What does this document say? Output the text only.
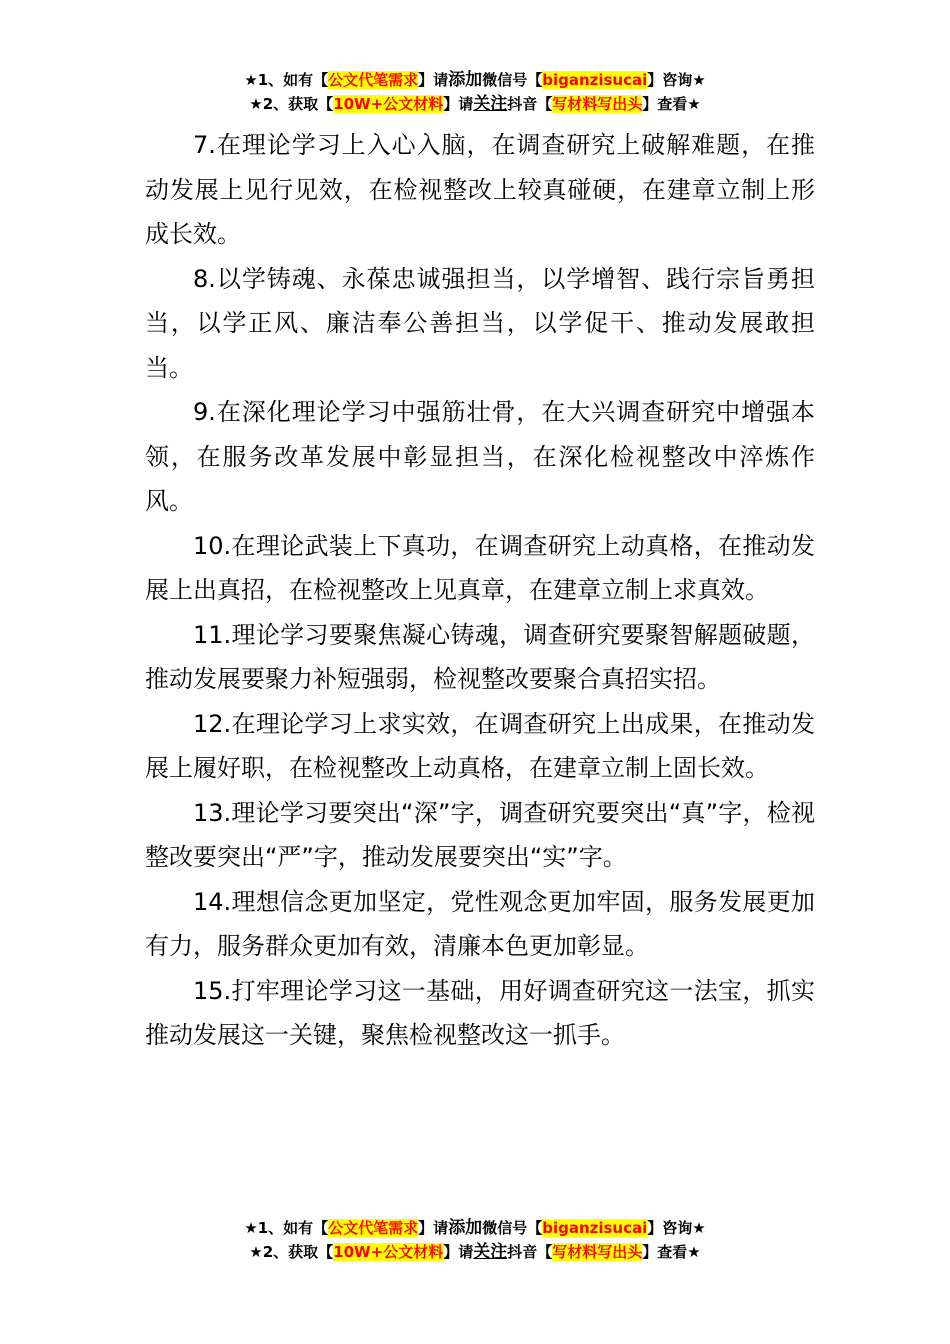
★1、如有【公文代笔需求】请添加微信号【biganzisucai】咨询★
★2、获取【10W+公文材料】请关注抖音【写材料写出头】查看★

7.在理论学习上入心入脑，在调查研究上破解难题，在推动发展上见行见效，在检视整改上较真碰硬，在建章立制上形成长效。

8.以学铸魂、永葆忠诚强担当，以学增智、践行宗旨勇担当，以学正风、廉洁奉公善担当，以学促干、推动发展敢担当。

9.在深化理论学习中强筋壮骨，在大兴调查研究中增强本领，在服务改革发展中彰显担当，在深化检视整改中淬炼作风。

10.在理论武装上下真功，在调查研究上动真格，在推动发展上出真招，在检视整改上见真章，在建章立制上求真效。

11.理论学习要聚焦凝心铸魂，调查研究要聚智解题破题，推动发展要聚力补短强弱，检视整改要聚合真招实招。

12.在理论学习上求实效，在调查研究上出成果，在推动发展上履好职，在检视整改上动真格，在建章立制上固长效。

13.理论学习要突出“深”字，调查研究要突出“真”字，检视整改要突出“严”字，推动发展要突出“实”字。

14.理想信念更加坚定，党性观念更加牢固，服务发展更加有力，服务群众更加有效，清廉本色更加彰显。

15.打牢理论学习这一基础，用好调查研究这一法宝，抓实推动发展这一关键，聚焦检视整改这一抓手。

★1、如有【公文代笔需求】请添加微信号【biganzisucai】咨询★
★2、获取【10W+公文材料】请关注抖音【写材料写出头】查看★
